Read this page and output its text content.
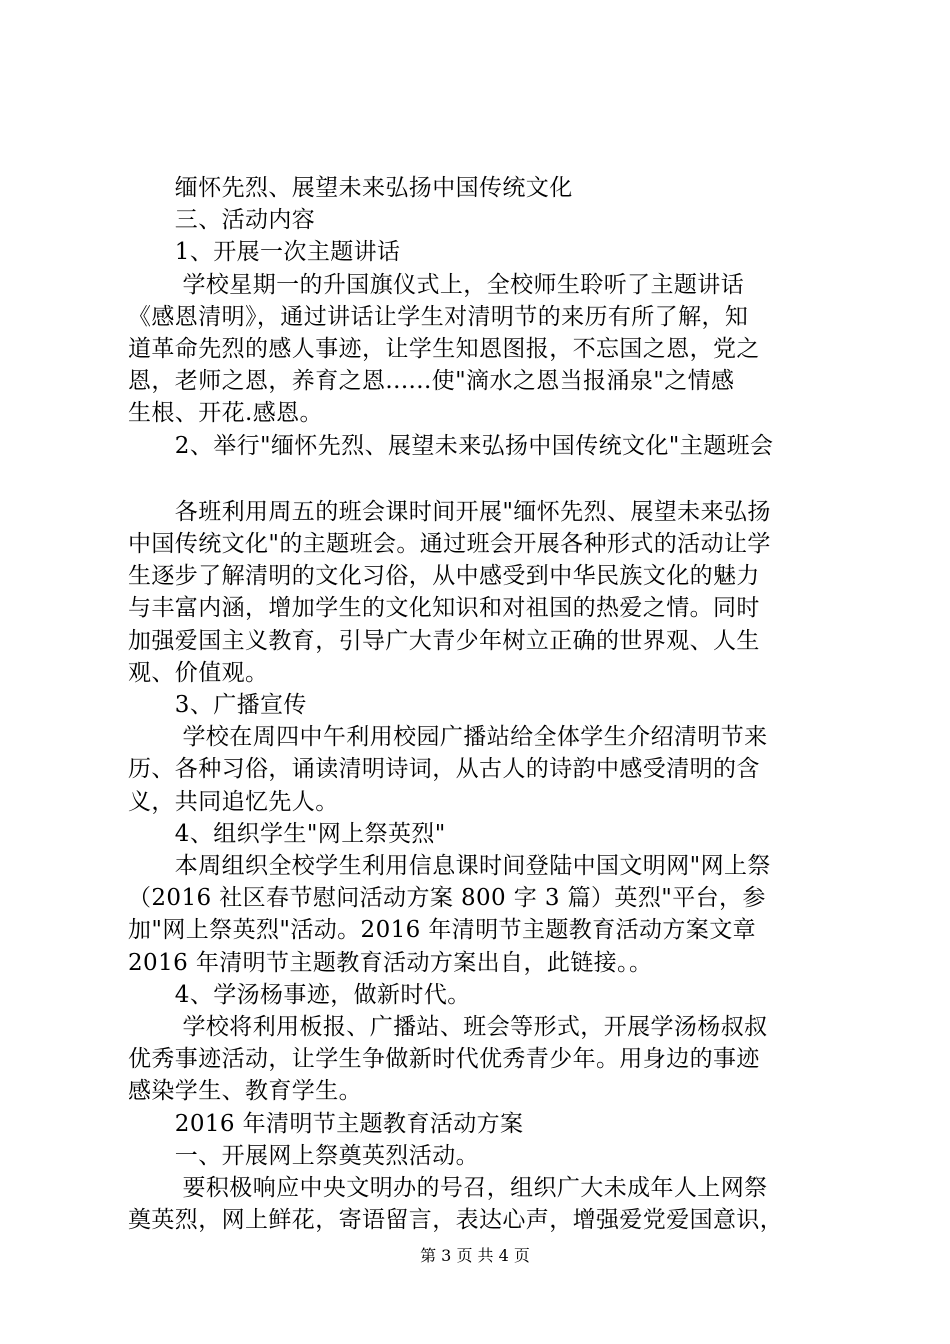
　　缅怀先烈、展望未来弘扬中国传统文化

　　三、活动内容

　　1、开展一次主题讲话

　　 学校星期一的升国旗仪式上，全校师生聆听了主题讲话

《感恩清明》，通过讲话让学生对清明节的来历有所了解，知

道革命先烈的感人事迹，让学生知恩图报，不忘国之恩，党之

恩，老师之恩，养育之恩......使"滴水之恩当报涌泉"之情感

生根、开花.感恩。

　　2、举行"缅怀先烈、展望未来弘扬中国传统文化"主题班会

　　各班利用周五的班会课时间开展"缅怀先烈、展望未来弘扬

中国传统文化"的主题班会。通过班会开展各种形式的活动让学

生逐步了解清明的文化习俗，从中感受到中华民族文化的魅力

与丰富内涵，增加学生的文化知识和对祖国的热爱之情。同时

加强爱国主义教育，引导广大青少年树立正确的世界观、人生

观、价值观。

　　3、广播宣传

　　 学校在周四中午利用校园广播站给全体学生介绍清明节来

历、各种习俗，诵读清明诗词，从古人的诗韵中感受清明的含

义，共同追忆先人。

　　4、组织学生"网上祭英烈"

　　本周组织全校学生利用信息课时间登陆中国文明网"网上祭

（2016 社区春节慰问活动方案 800 字 3 篇）英烈"平台，参

加"网上祭英烈"活动。2016 年清明节主题教育活动方案文章

2016 年清明节主题教育活动方案出自，此链接。。

　　4、学汤杨事迹，做新时代。

　　 学校将利用板报、广播站、班会等形式，开展学汤杨叔叔

优秀事迹活动，让学生争做新时代优秀青少年。用身边的事迹

感染学生、教育学生。

　　2016 年清明节主题教育活动方案

　　一、开展网上祭奠英烈活动。

　　 要积极响应中央文明办的号召，组织广大未成年人上网祭

奠英烈，网上鲜花，寄语留言，表达心声，增强爱党爱国意识，

第 3 页 共 4 页
